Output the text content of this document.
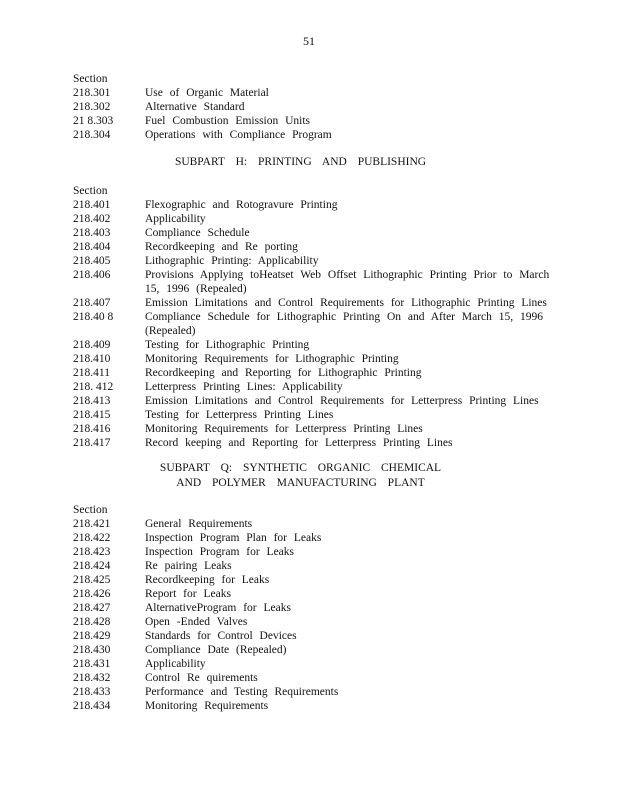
51
Section
218.301	Use of Organic Material
218.302	Alternative Standard
21 8.303	Fuel Combustion Emission Units
218.304	Operations with Compliance Program
SUBPART H: PRINTING AND PUBLISHING
Section
218.401	Flexographic and Rotogravure Printing
218.402	Applicability
218.403	Compliance Schedule
218.404	Recordkeeping and Re porting
218.405	Lithographic Printing: Applicability
218.406	Provisions Applying toHeatset Web Offset Lithographic Printing Prior to March 15, 1996 (Repealed)
218.407	Emission Limitations and Control Requirements for Lithographic Printing Lines
218.40 8	Compliance Schedule for Lithographic Printing On and After March 15, 1996 (Repealed)
218.409	Testing for Lithographic Printing
218.410	Monitoring Requirements for Lithographic Printing
218.411	Recordkeeping and Reporting for Lithographic Printing
218. 412	Letterpress Printing Lines: Applicability
218.413	Emission Limitations and Control Requirements for Letterpress Printing Lines
218.415	Testing for Letterpress Printing Lines
218.416	Monitoring Requirements for Letterpress Printing Lines
218.417	Record keeping and Reporting for Letterpress Printing Lines
SUBPART Q: SYNTHETIC ORGANIC CHEMICAL
AND POLYMER MANUFACTURING PLANT
Section
218.421	General Requirements
218.422	Inspection Program Plan for Leaks
218.423	Inspection Program for Leaks
218.424	Re pairing Leaks
218.425	Recordkeeping for Leaks
218.426	Report for Leaks
218.427	AlternativeProgram for Leaks
218.428	Open -Ended Valves
218.429	Standards for Control Devices
218.430	Compliance Date (Repealed)
218.431	Applicability
218.432	Control Re quirements
218.433	Performance and Testing Requirements
218.434	Monitoring Requirements
